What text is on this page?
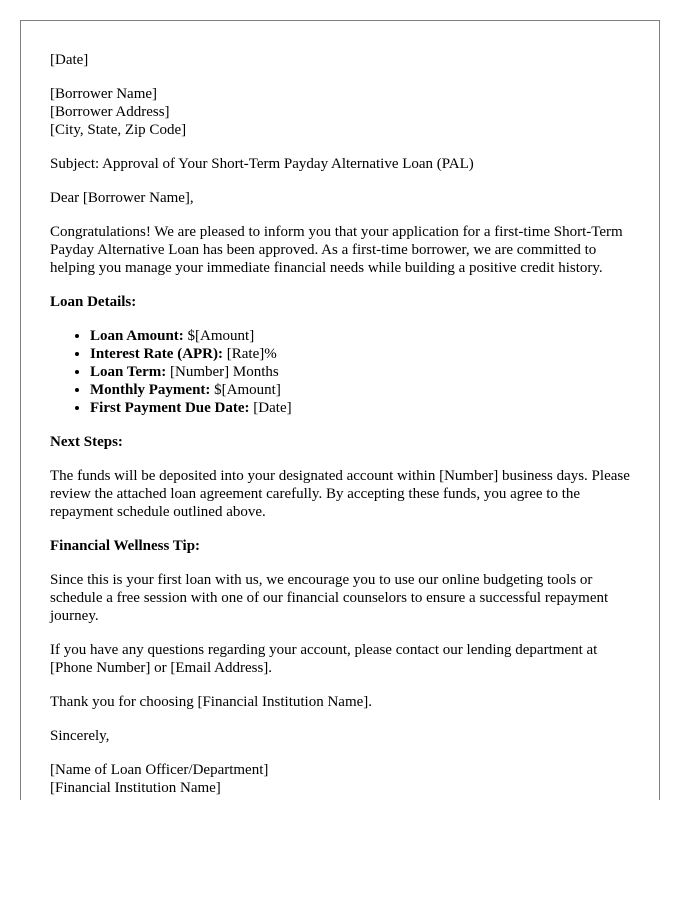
[Date]

[Borrower Name]
[Borrower Address]
[City, State, Zip Code]

Subject: Approval of Your Short-Term Payday Alternative Loan (PAL)

Dear [Borrower Name],

Congratulations! We are pleased to inform you that your application for a first-time Short-Term Payday Alternative Loan has been approved. As a first-time borrower, we are committed to helping you manage your immediate financial needs while building a positive credit history.

Loan Details:

• Loan Amount: $[Amount]
• Interest Rate (APR): [Rate]%
• Loan Term: [Number] Months
• Monthly Payment: $[Amount]
• First Payment Due Date: [Date]

Next Steps:

The funds will be deposited into your designated account within [Number] business days. Please review the attached loan agreement carefully. By accepting these funds, you agree to the repayment schedule outlined above.

Financial Wellness Tip:

Since this is your first loan with us, we encourage you to use our online budgeting tools or schedule a free session with one of our financial counselors to ensure a successful repayment journey.

If you have any questions regarding your account, please contact our lending department at [Phone Number] or [Email Address].

Thank you for choosing [Financial Institution Name].

Sincerely,

[Name of Loan Officer/Department]
[Financial Institution Name]
